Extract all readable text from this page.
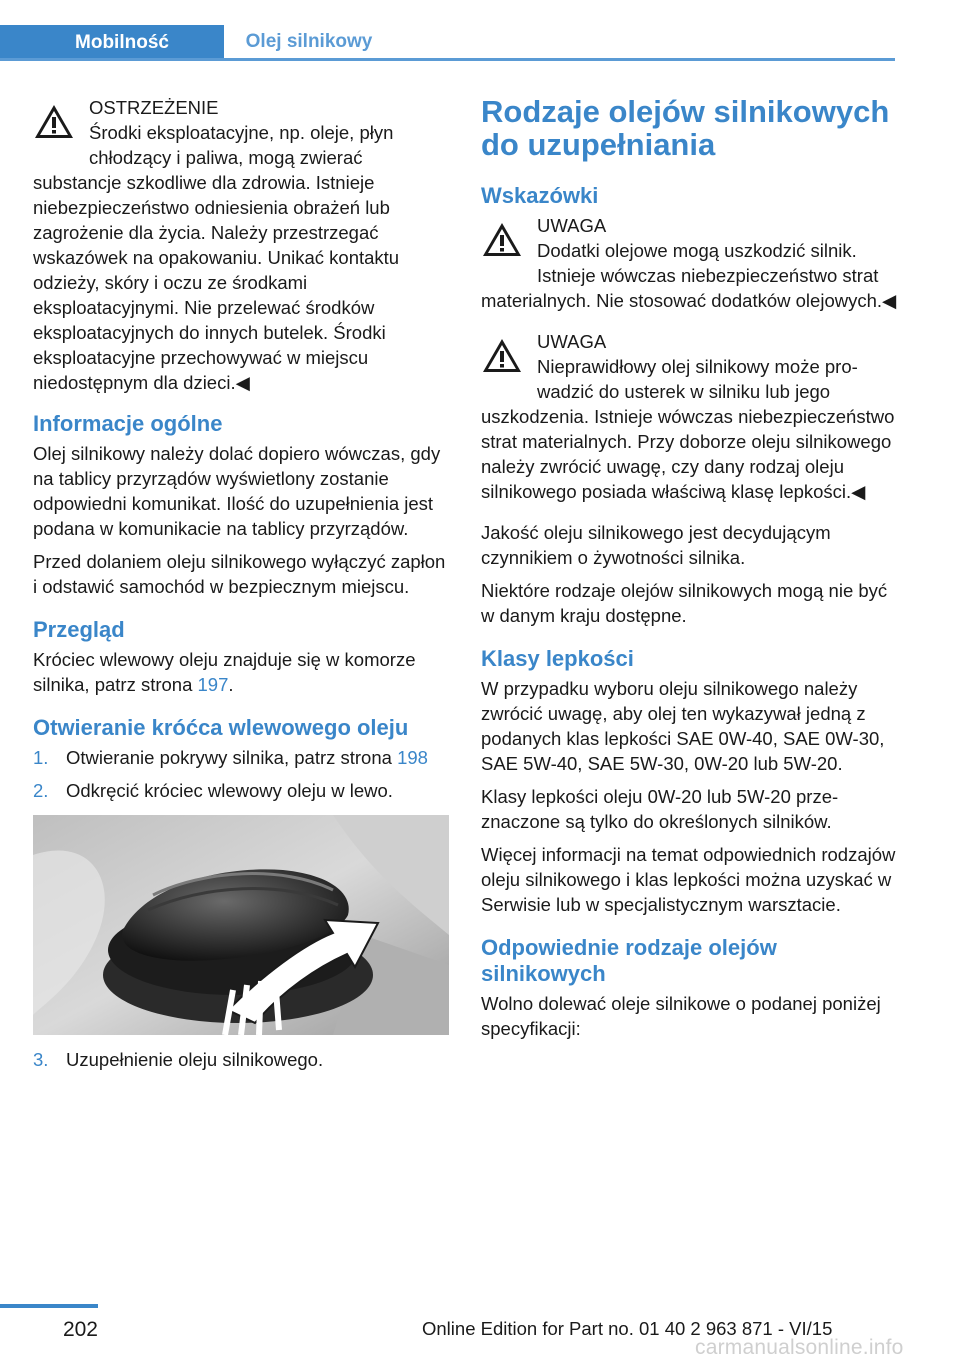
Mobilność	Olej silnikowy
OSTRZEŻENIE
Środki eksploatacyjne, np. oleje, płyn chłodzący i paliwa, mogą zwierać substancje szkodliwe dla zdrowia. Istnieje niebezpieczeństwo odniesienia obrażeń lub zagrożenie dla życia. Należy przestrzegać wskazówek na opakowaniu. Unikać kontaktu odzieży, skóry i oczu ze środkami eksploatacyjnymi. Nie przelewać środków eksploatacyjnych do innych butelek. Środki eksploatacyjne przechowywać w miejscu niedostępnym dla dzieci.◀
Informacje ogólne

Olej silnikowy należy dolać dopiero wówczas, gdy na tablicy przyrządów wyświetlony zostanie odpowiedni komunikat. Ilość do uzupełnienia jest podana w komunikacie na tablicy przyrządów.

Przed dolaniem oleju silnikowego wyłączyć zapłon i odstawić samochód w bezpiecznym miejscu.

Przegląd

Króciec wlewowy oleju znajduje się w komorze silnika, patrz strona 197.

Otwieranie króćca wlewowego oleju
1. Otwieranie pokrywy silnika, patrz strona 198
2. Odkręcić króciec wlewowy oleju w lewo.
3. Uzupełnienie oleju silnikowego.
Rodzaje olejów silnikowych do uzupełniania
Wskazówki
UWAGA
Dodatki olejowe mogą uszkodzić silnik. Istnieje wówczas niebezpieczeństwo strat materialnych. Nie stosować dodatków olejowych.◀
UWAGA
Nieprawidłowy olej silnikowy może prowadzić do usterek w silniku lub jego uszkodzenia. Istnieje wówczas niebezpieczeństwo strat materialnych. Przy doborze oleju silnikowego należy zwrócić uwagę, czy dany rodzaj oleju silnikowego posiada właściwą klasę lepkości.◀

Jakość oleju silnikowego jest decydującym czynnikiem o żywotności silnika.

Niektóre rodzaje olejów silnikowych mogą nie być w danym kraju dostępne.

Klasy lepkości

W przypadku wyboru oleju silnikowego należy zwrócić uwagę, aby olej ten wykazywał jedną z podanych klas lepkości SAE 0W-40, SAE 0W-30, SAE 5W-40, SAE 5W-30, 0W-20 lub 5W-20.

Klasy lepkości oleju 0W-20 lub 5W-20 przeznaczone są tylko do określonych silników.

Więcej informacji na temat odpowiednich rodzajów oleju silnikowego i klas lepkości można uzyskać w Serwisie lub w specjalistycznym warsztacie.

Odpowiednie rodzaje olejów silnikowych

Wolno dolewać oleje silnikowe o podanej poniżej specyfikacji:

202	Online Edition for Part no. 01 40 2 963 871 - VI/15
carmanualsonline.info
